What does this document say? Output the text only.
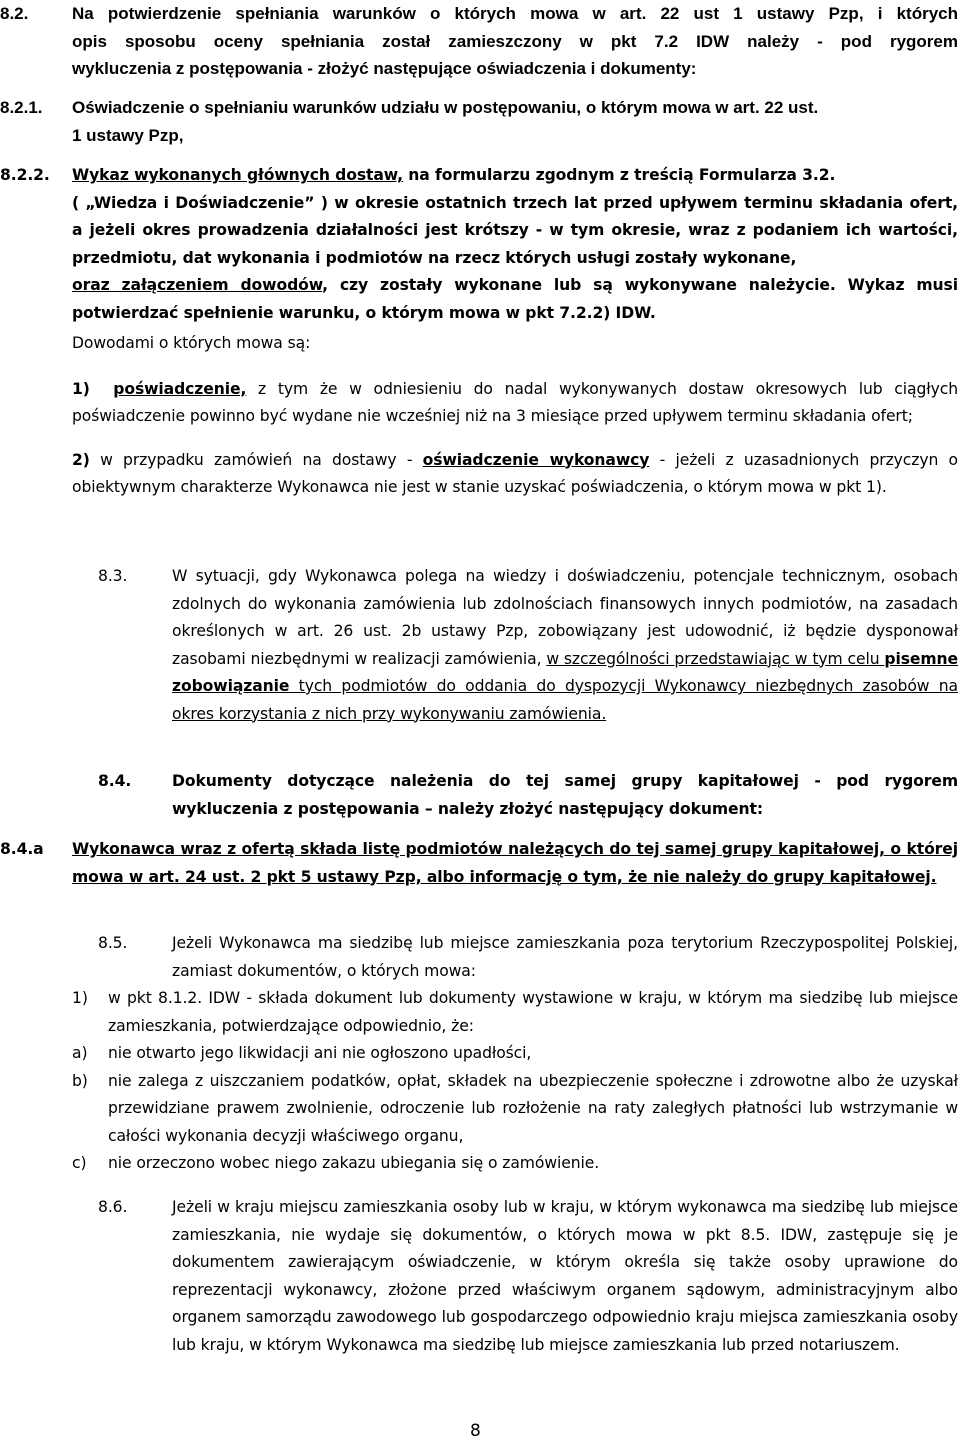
8.2.	Na potwierdzenie spełniania warunków o których mowa w art. 22 ust 1 ustawy Pzp, i których

opis sposobu oceny spełniania został zamieszczony w pkt 7.2 IDW należy - pod rygorem

wykluczenia z postępowania - złożyć następujące oświadczenia i dokumenty:

8.2.1. Oświadczenie o spełnianiu warunków udziału w postępowaniu, o którym mowa w art. 22 ust.

1 ustawy Pzp,

8.2.2. Wykaz wykonanych głównych dostaw, na formularzu zgodnym z treścią Formularza 3.2.

( „Wiedza i Doświadczenie” ) w okresie ostatnich trzech lat przed upływem terminu składania ofert, a jeżeli okres prowadzenia działalności jest krótszy - w tym okresie, wraz z podaniem ich wartości, przedmiotu, dat wykonania i podmiotów na rzecz których usługi zostały wykonane,

oraz załączeniem dowodów, czy zostały wykonane lub są wykonywane należycie. Wykaz musi potwierdzać spełnienie warunku, o którym mowa w pkt 7.2.2) IDW.

Dowodami o których mowa są:

1) poświadczenie, z tym że w odniesieniu do nadal wykonywanych dostaw okresowych lub ciągłych poświadczenie powinno być wydane nie wcześniej niż na 3 miesiące przed upływem terminu składania ofert;

2) w przypadku zamówień na dostawy - oświadczenie wykonawcy - jeżeli z uzasadnionych przyczyn o obiektywnym charakterze Wykonawca nie jest w stanie uzyskać poświadczenia, o którym mowa w pkt 1).

8.3.	W sytuacji, gdy Wykonawca polega na wiedzy i doświadczeniu, potencjale technicznym, osobach zdolnych do wykonania zamówienia lub zdolnościach finansowych innych podmiotów, na zasadach określonych w art. 26 ust. 2b ustawy Pzp, zobowiązany jest udowodnić, iż będzie dysponował zasobami niezbędnymi w realizacji zamówienia, w szczególności przedstawiając w tym celu pisemne zobowiązanie tych podmiotów do oddania do dyspozycji Wykonawcy niezbędnych zasobów na okres korzystania z nich przy wykonywaniu zamówienia.

8.4.	Dokumenty dotyczące należenia do tej samej grupy kapitałowej - pod rygorem wykluczenia z postępowania – należy złożyć następujący dokument:

8.4.a Wykonawca wraz z ofertą składa listę podmiotów należących do tej samej grupy kapitałowej, o której mowa w art. 24 ust. 2 pkt 5 ustawy Pzp, albo informację o tym, że nie należy do grupy kapitałowej.

8.5.	Jeżeli Wykonawca ma siedzibę lub miejsce zamieszkania poza terytorium Rzeczypospolitej Polskiej, zamiast dokumentów, o których mowa:

1) w pkt 8.1.2. IDW - składa dokument lub dokumenty wystawione w kraju, w którym ma siedzibę lub miejsce zamieszkania, potwierdzające odpowiednio, że:

a) nie otwarto jego likwidacji ani nie ogłoszono upadłości,

b) nie zalega z uiszczaniem podatków, opłat, składek na ubezpieczenie społeczne i zdrowotne albo że uzyskał przewidziane prawem zwolnienie, odroczenie lub rozłożenie na raty zaległych płatności lub wstrzymanie w całości wykonania decyzji właściwego organu,

c) nie orzeczono wobec niego zakazu ubiegania się o zamówienie.

8.6.	Jeżeli w kraju miejscu zamieszkania osoby lub w kraju, w którym wykonawca ma siedzibę lub miejsce zamieszkania, nie wydaje się dokumentów, o których mowa w pkt 8.5. IDW, zastępuje się je dokumentem zawierającym oświadczenie, w którym określa się także osoby uprawione do reprezentacji wykonawcy, złożone przed właściwym organem sądowym, administracyjnym albo organem samorządu zawodowego lub gospodarczego odpowiednio kraju miejsca zamieszkania osoby lub kraju, w którym Wykonawca ma siedzibę lub miejsce zamieszkania lub przed notariuszem.

8
